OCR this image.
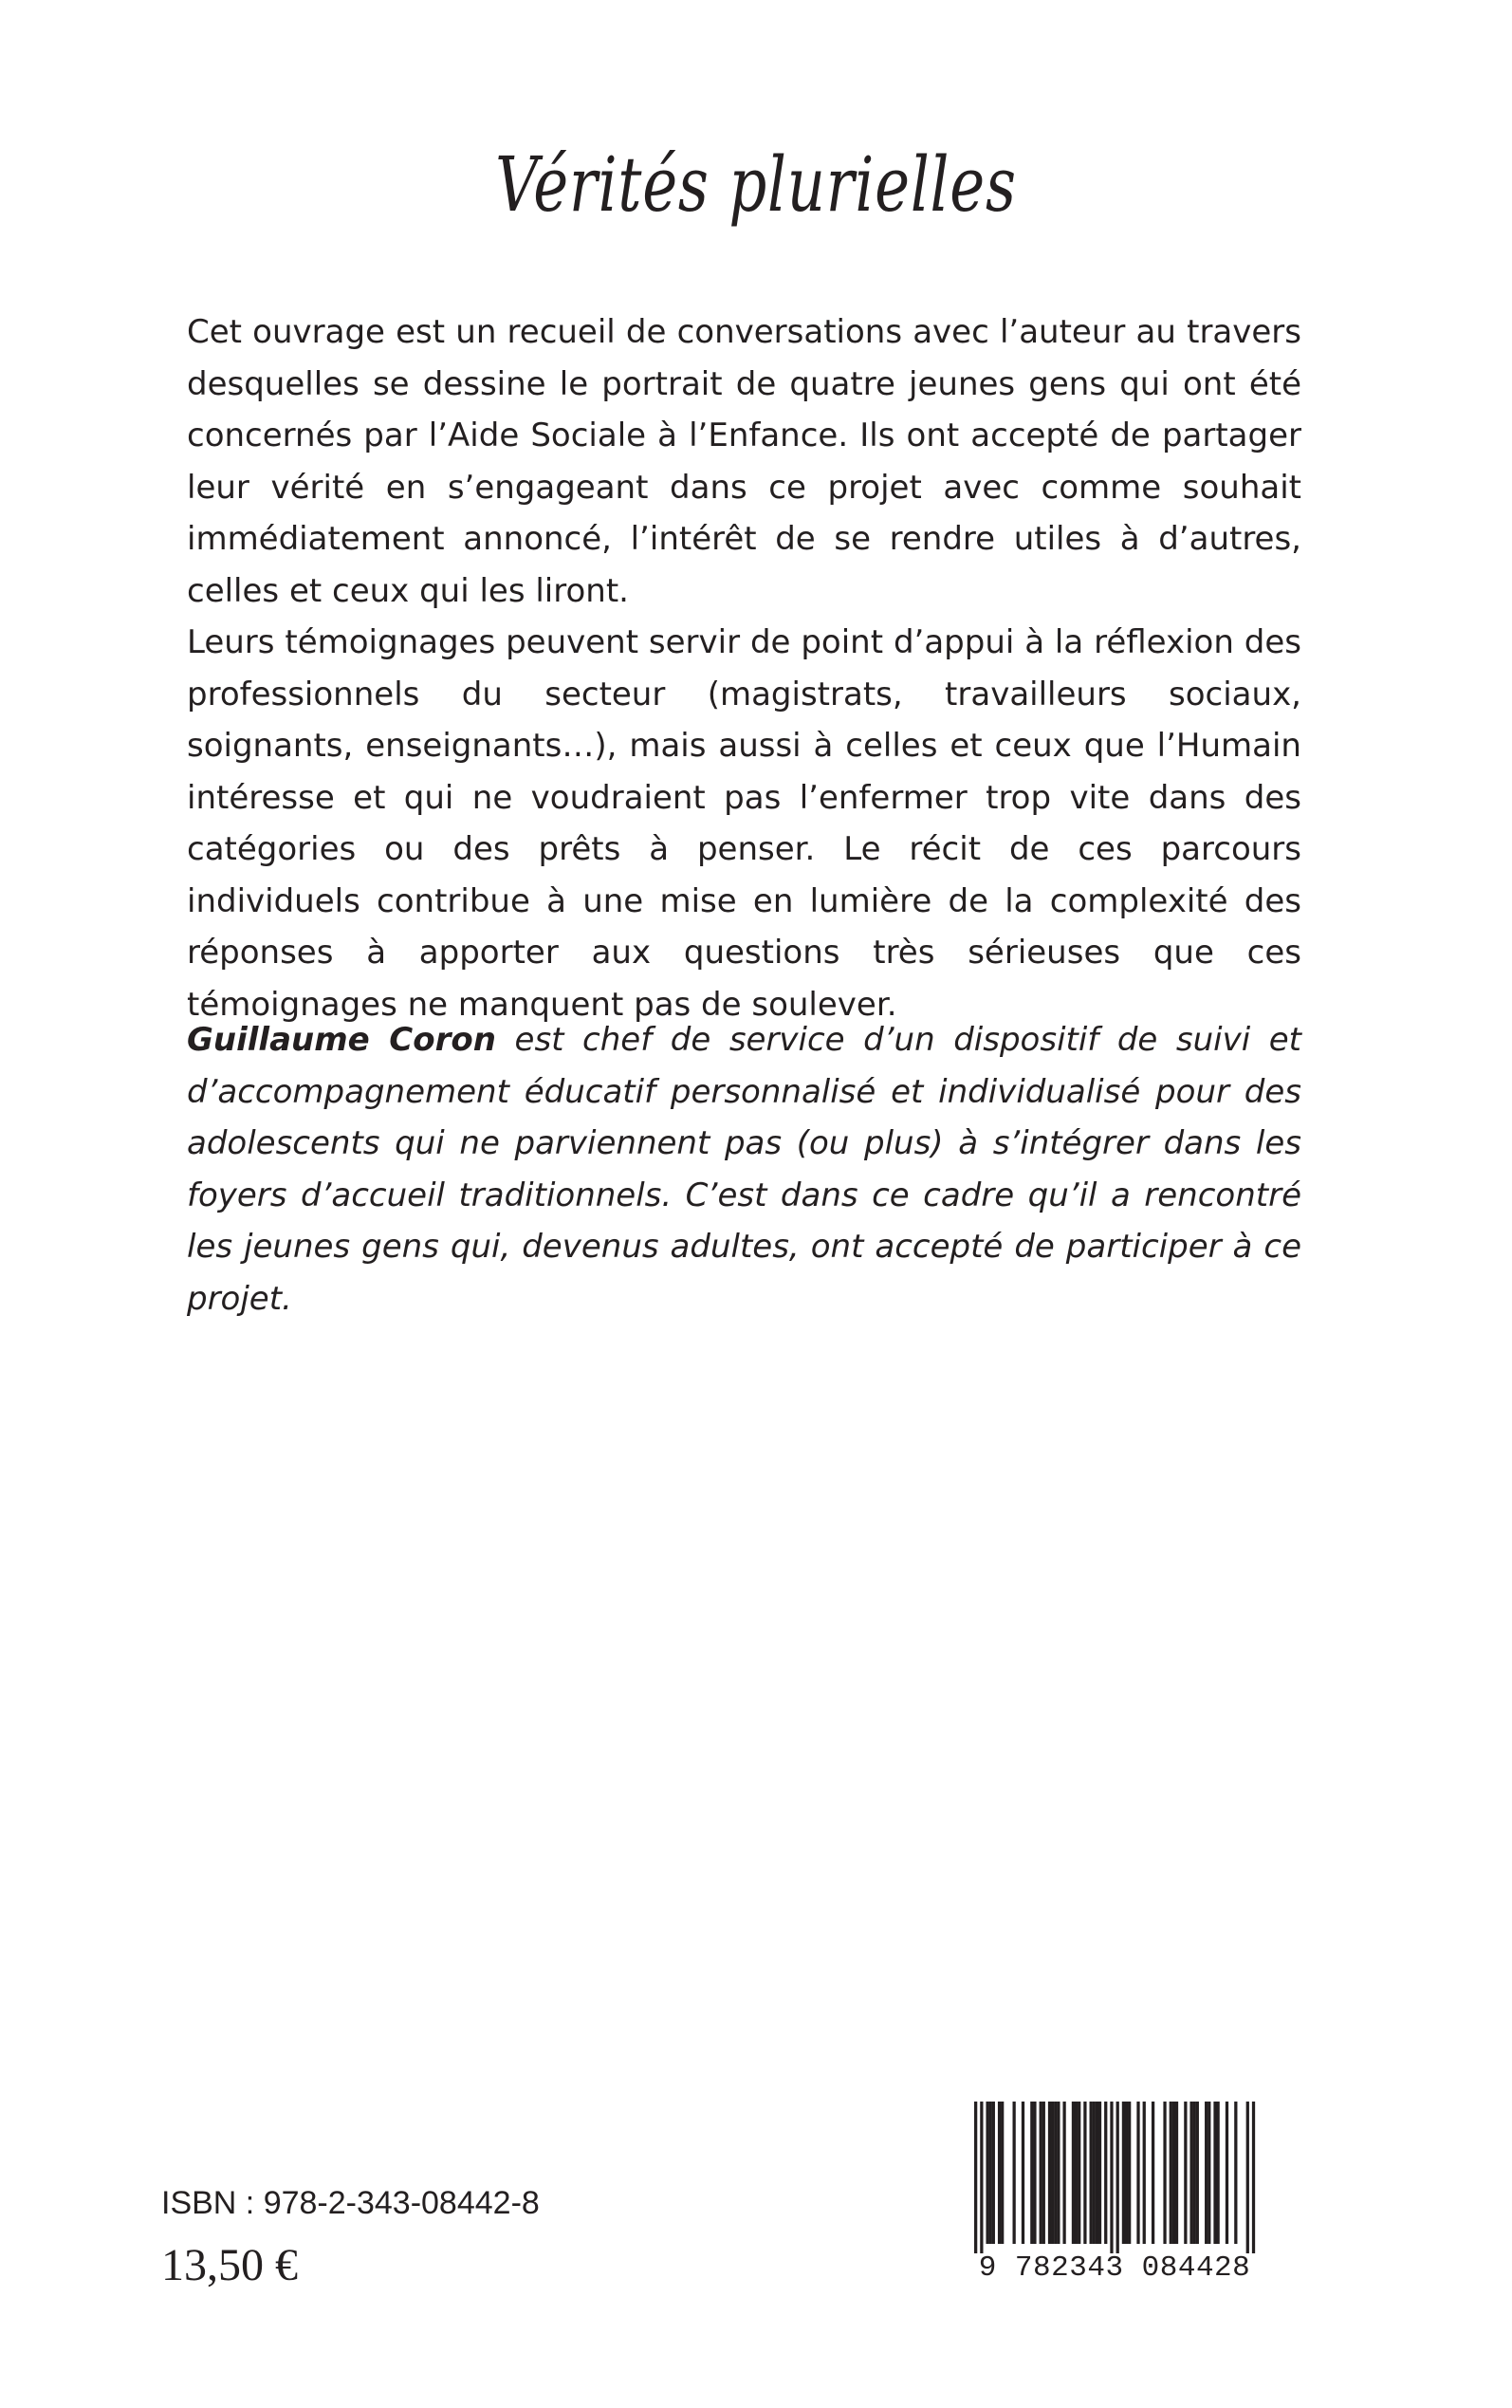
Vérités plurielles

Cet ouvrage est un recueil de conversations avec l’auteur au travers desquelles se dessine le portrait de quatre jeunes gens qui ont été concernés par l’Aide Sociale à l’Enfance. Ils ont accepté de partager leur vérité en s’engageant dans ce projet avec comme souhait immédiatement annoncé, l’intérêt de se rendre utiles à d’autres, celles et ceux qui les liront.

Leurs témoignages peuvent servir de point d’appui à la réflexion des professionnels du secteur (magistrats, travailleurs sociaux, soignants, enseignants…), mais aussi à celles et ceux que l’Humain intéresse et qui ne voudraient pas l’enfermer trop vite dans des catégories ou des prêts à penser. Le récit de ces parcours individuels contribue à une mise en lumière de la complexité des réponses à apporter aux questions très sérieuses que ces témoignages ne manquent pas de soulever.

Guillaume Coron est chef de service d’un dispositif de suivi et d’accompagnement éducatif personnalisé et individualisé pour des adolescents qui ne parviennent pas (ou plus) à s’intégrer dans les foyers d’accueil traditionnels. C’est dans ce cadre qu’il a rencontré les jeunes gens qui, devenus adultes, ont accepté de participer à ce projet.

ISBN : 978-2-343-08442-8
13,50 €	9 782343 084428
